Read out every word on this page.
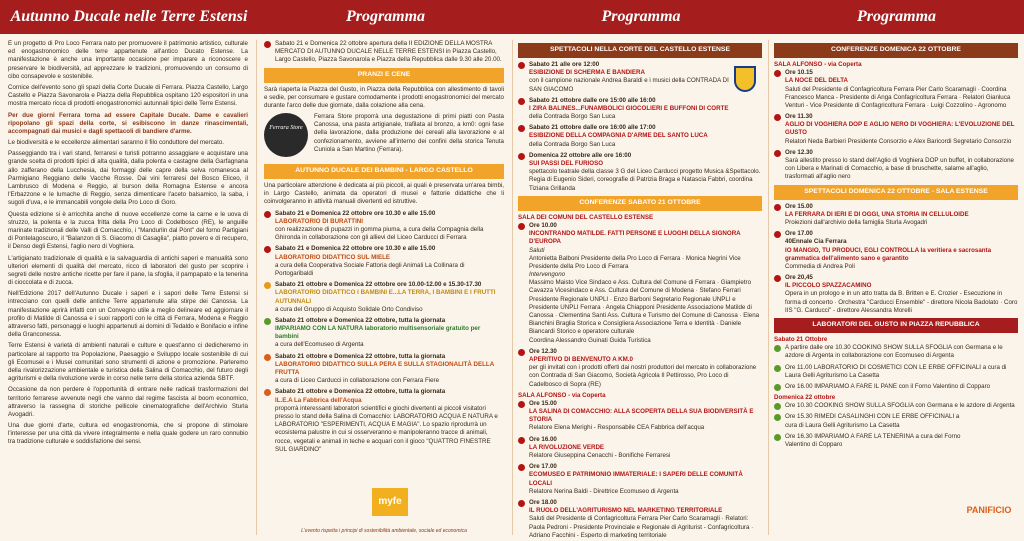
Autunno Ducale nelle Terre Estensi	Programma	Programma	Programma

È un progetto di Pro Loco Ferrara nato per promuovere il patrimonio artistico, culturale ed enogastronomico delle terre appartenute all'antico Ducato Estense. La manifestazione è anche una importante occasione per imparare a riconoscere e preservare le biodiversità, ad apprezzare le tradizioni, promuovendo un consumo di cibo consapevole e sostenibile.

Cornice dell'evento sono gli spazi della Corte Ducale di Ferrara. Piazza Castello, Largo Castello e Piazza Savonarola e Piazza della Repubblica ospitano 120 espositori in una mostra mercato ricca di prodotti enogastronomici autunnali tipici delle Terre Estensi.

Per due giorni Ferrara torna ad essere Capitale Ducale. Dame e cavalieri ripopolano gli spazi della corte, si esibiscono in danze rinascimentali, accompagnati dai musici e dagli spettacoli di bandiere d'arme.

Le biodiversità e le eccellenze alimentari saranno il filo conduttore del mercato.

Passeggiando tra i vari stand, ferraresi e turisti potranno assaggiare e acquistare una grande scelta di prodotti tipici di alta qualità, dalla polenta e castagne della Garfagnana allo zafferano della Lucchesia, dai formaggi delle capre della selva romanesca al Parmigiano Reggiano delle Vacche Rosse. Dai vini ferraresi del Bosco Eliceo, il Lambrusco di Modena e Reggio, al burson della Romagna Estense e ancora l'Erbazzone e le lumache di Reggio, senza dimenticare l'aceto balsamico, la saba, i sugoli d'uva, e le immancabili vongole della Pro Loco di Goro.

Questa edizione si è arricchita anche di nuove eccellenze come la carne e le uova di struzzo, la polenta e la zucca fritta della Pro Loco di Codelbosco (RE), le anguille marinate tradizionali delle Valli di Comacchio, i "Mandurlin dal Pònt" del forno Partigiani di Pontelagoscuro, il "Balanzon di S. Giacomo di Casaglia", piatto povero e di recupero, il Denso degli Estensi, l'aglio nero di Voghiera.

L'artigianato tradizionale di qualità e la salvaguardia di antichi saperi e manualità sono ulteriori elementi di qualità del mercato, ricco di laboratori del gusto per scoprire i segreti delle nostre antiche ricette per fare il pane, la sfoglia, il pampapato e la tenerina di cioccolata e di zucca.

Nell'Edizione 2017 dell'Autunno Ducale i saperi e i sapori delle Terre Estensi si intrecciano con quelli delle antiche Terre appartenute alla stirpe dei Canossa. La manifestazione aprirà infatti con un Convegno utile a meglio delineare ed aggiornare il profilo di Matilde di Canossa e i suoi rapporti con le città di Ferrara, Modena e Reggio attraverso fatti, personaggi e luoghi appartenuti ai domini di Tedaldo e Bonifacio e infine della Granconessa.

Terre Estensi è varietà di ambienti naturali e culture e quest'anno ci dedicheremo in particolare al rapporto tra Popolazione, Paesaggio e Sviluppo locale sostenibile di cui gli Ecomusei e i Musei comunitari sono strumenti di azione e promozione. Parleremo della rivalorizzazione ambientale e turistica della Salina di Comacchio, del futuro degli agriturismi e della rivoluzione verde in corso nelle terre della storica azienda SBTF.

Occasione da non perdere è l'opportunità di entrare nelle radicali trasformazioni del territorio ferrarese avvenute negli che vanno dal regime fascista al boom economico, attraverso la rassegna di storiche pellicole cinematografiche dell'Archivio Sturla Avogadri.

Una due giorni d'arte, cultura ed enogastronomia, che si propone di stimolare l'interesse per una città da vivere integralmente e nella quale godere un raro connubio tra tradizione culturale e soddisfazione dei sensi.

Sabato 21 e Domenica 22 ottobre apertura della II EDIZIONE DELLA MOSTRA MERCATO DI AUTUNNO DUCALE NELLE TERRE ESTENSI in Piazza Castello, Largo Castello, Piazza Savonarola e Piazza della Repubblica dalle 9.30 alle 20.00.
PRANZI E CENE

Sarà riaperta la Piazza del Gusto, in Piazza della Repubblica con allestimento di tavoli e sedie, per consumare e gustare comodamente i prodotti enogastronomici del mercato durante l'arco delle due giornate, dalla colazione alla cena.

Ferrara Store

Ferrara Store proporrà una degustazione di primi piatti con Pasta Canossa, una pasta artigianale, trafilata al bronzo, a km0: ogni fase della lavorazione, dalla produzione dei cereali alla lavorazione e al confezionamento, avviene all'interno dei confini della storica Tenuta Cuniola a San Martino (Ferrara).

AUTUNNO DUCALE DEI BAMBINI - LARGO CASTELLO

Una particolare attenzione è dedicata ai più piccoli, ai quali è preservata un'area bimbi, in Largo Castello, animata da operatori di musei e fattorie didattiche che li coinvolgeranno in attività manuali divertenti ed istruttive.

Sabato 21 e Domenica 22 ottobre ore 10.30 e alle 15.00
LABORATORIO DI BURATTINI
con realizzazione di pupazzi in gomma piuma, a cura della Compagnia della Ghironda in collaborazione con gli allievi del Liceo Carducci di Ferrara
Sabato 21 e Domenica 22 ottobre ore 10.30 e alle 15.00
LABORATORIO DIDATTICO SUL MIELE
a cura della Cooperativa Sociale Fattoria degli Animali La Collinara di Portogaribaldi
Sabato 21 ottobre e Domenica 22 ottobre ore 10.00-12.00 e 15.30-17.30
LABORATORIO DIDATTICO I BAMBINI E...LA TERRA, I BAMBINI E I FRUTTI AUTUNNALI
a cura del Gruppo di Acquisto Solidale Orto Condiviso
Sabato 21 ottobre e Domenica 22 ottobre, tutta la giornata
IMPARIAMO CON LA NATURA laboratorio multisensoriale gratuito per bambini
a cura dell'Ecomuseo di Argenta
Sabato 21 ottobre e Domenica 22 ottobre, tutta la giornata
LABORATORIO DIDATTICO SULLA PERA E SULLA STAGIONALITÀ DELLA FRUTTA
a cura di Liceo Carducci in collaborazione con Ferrara Fiere
Sabato 21 ottobre e Domenica 22 ottobre, tutta la giornata
IL.E.A La Fabbrica dell'Acqua
proporrà interessanti laboratori scientifici e giochi divertenti ai piccoli visitatori presso lo stand della Salina di Comacchio: LABORATORIO ACQUA E NATURA e LABORATORIO "ESPERIMENTI, ACQUA E MAGIA". Lo spazio riprodurrà un ecosistema palustre in cui si osserveranno e manipoleranno tracce di animali, rocce, vegetali e animali in teche e acquari con il gioco "QUATTRO FINESTRE SUL GIARDINO"
myfe
L'evento rispetta i principi di sostenibilità ambientale, sociale ed economica
SPETTACOLI NELLA CORTE DEL CASTELLO ESTENSE
Sabato 21 alle ore 12:00
ESIBIZIONE DI SCHERMA E BANDIERA
con il campione nazionale Andrea Baraldi e i musici della CONTRADA DI SAN GIACOMO
Sabato 21 ottobre dalle ore 15:00 alle 16:00
I ZIRA BALINES...FUNAMBOLICI GIOCOLIERI E BUFFONI DI CORTE
della Contrada Borgo San Luca
Sabato 21 ottobre dalle ore 16:00 alle 17:00
ESIBIZIONE DELLA COMPAGNIA D'ARME DEL SANTO LUCA
della Contrada Borgo San Luca
Domenica 22 ottobre alle ore 16:00
SUI PASSI DEL FURIOSO
spettacolo teatrale della classe 3 G del Liceo Carducci progetto Musica &Spettacolo. Regia di Eugenio Sideri, coreografie di Patrizia Braga e Natascia Fabbri, coordina Tiziana Grillanda
CONFERENZE SABATO 21 OTTOBRE
SALA DEI COMUNI DEL CASTELLO ESTENSE
Ore 10.00
INCONTRANDO MATILDE. FATTI PERSONE E LUOGHI DELLA SIGNORA D'EUROPA
Saluti
Antonietta Balboni Presidente della Pro Loco di Ferrara · Monica Negrini Vice Presidente della Pro Loco di Ferrara
Intervengono
Massimo Maisto Vice Sindaco e Ass. Cultura del Comune di Ferrara · Giampietro Cavazza Vicesindaco e Ass. Cultura del Comune di Modena · Stefano Ferrari Presidente Regionale UNPLI · Enzo Barboni Segretario Regionale UNPLI e Presidente UNPLI Ferrara · Angela Chiapponi Presidente Associazione Matilde di Canossa · Clementina Santi Ass. Cultura e Turismo del Comune di Canossa · Elena Bianchini Braglia Storica e Consigliera Associazione Terra e Identità · Daniele Biancardi Storico e operatore culturale
Coordina Alessandro Guinati Guida Turistica
Ore 12.30
APERITIVO DI BENVENUTO A KM.0
per gli invitati con i prodotti offerti dai nostri produttori del mercato in collaborazione con Contrada di San Giacomo, Società Agricola Il Pettirosso, Pro Loco di Cadelbosco di Sopra (RE)
SALA ALFONSO - via Coperta
Ore 15.00
LA SALINA DI COMACCHIO: ALLA SCOPERTA DELLA SUA BIODIVERSITÀ E STORIA
Relatore Elena Merighi - Responsabile CEA Fabbrica dell'acqua
Ore 16.00
LA RIVOLUZIONE VERDE
Relatore Giuseppina Cenacchi - Bonifiche Ferraresi
Ore 17.00
ECOMUSEO E PATRIMONIO IMMATERIALE: I SAPERI DELLE COMUNITÀ LOCALI
Relatore Nerina Baldi - Direttrice Ecomuseo di Argenta
Ore 18.00
IL RUOLO DELL'AGRITURISMO NEL MARKETING TERRITORIALE
Saluti del Presidente di Confagricoltura Ferrara Pier Carlo Scaramagli · Relatori: Paola Pedroni - Presidente Provinciale e Regionale di Agriturist - Confagricoltura · Adriano Facchini - Esperto di marketing territoriale
CONFERENZE DOMENICA 22 OTTOBRE
SALA ALFONSO - via Coperta
Ore 10.15
LA NOCE DEL DELTA
Saluti del Presidente di Confagricoltura Ferrara Pier Carlo Scaramagli · Coordina Francesco Manca - Presidente di Anga Confagricoltura Ferrara · Relatori Gianluca Venturi - Vice Presidente di Confagricoltura Ferrara · Luigi Cozzolino - Agronomo
Ore 11.30
AGLIO DI VOGHIERA DOP E AGLIO NERO DI VOGHIERA: L'EVOLUZIONE DEL GUSTO
Relatori Neda Barbieri Presidente Consorzio e Alex Baricordi Segretario Consorzio
Ore 12.30
Sarà allestito presso lo stand dell'Aglio di Voghiera DOP un buffet, in collaborazione con Libera e Marinati di Comacchio, a base di bruschette, salame all'aglio, trasformati all'aglio nero
SPETTACOLI DOMENICA 22 OTTOBRE - SALA ESTENSE
Ore 15.00
LA FERRARA DI IERI E DI OGGI, UNA STORIA IN CELLULOIDE
Proiezioni dall'archivio della famiglia Sturla Avogadri
Ore 17.00
40Ennale Cia Ferrara
IO MANGIO, TU PRODUCI, EGLI CONTROLLA la veritiera e sacrosanta grammatica dell'alimento sano e garantito
Commedia di Andrea Poli
Ore 20,45
IL PICCOLO SPAZZACAMINO
Opera in un prologo e in un atto tratta da B. Britten e E. Crozier - Esecuzione in forma di concerto · Orchestra "Carducci Ensemble" - direttore Nicola Badolato · Coro IIS "G. Carducci" - direttore Alessandra Morelli
LABORATORI DEL GUSTO IN PIAZZA REPUBBLICA
Sabato 21 Ottobre
A partire dalle ore 10.30 COOKING SHOW SULLA SFOGLIA con Germana e le azdore di Argenta in collaborazione con Ecomuseo di Argenta
Ore 11.00 LABORATORIO DI COSMETICI CON LE ERBE OFFICINALI a cura di Laura Gelli Agriturismo La Casetta
Ore 16.00 IMPARIAMO A FARE IL PANE con il Forno Valentino di Copparo
Domenica 22 ottobre
Ore 10.30 COOKING SHOW SULLA SFOGLIA con Germana e le azdore di Argenta
Ore 15.30 RIMEDI CASALINGHI CON LE ERBE OFFICINALI a cura di Laura Gelli Agriturismo La Casetta
Ore 16.30 IMPARIAMO A FARE LA TENERINA a cura del Forno Valentino di Copparo
PANIFICIO
